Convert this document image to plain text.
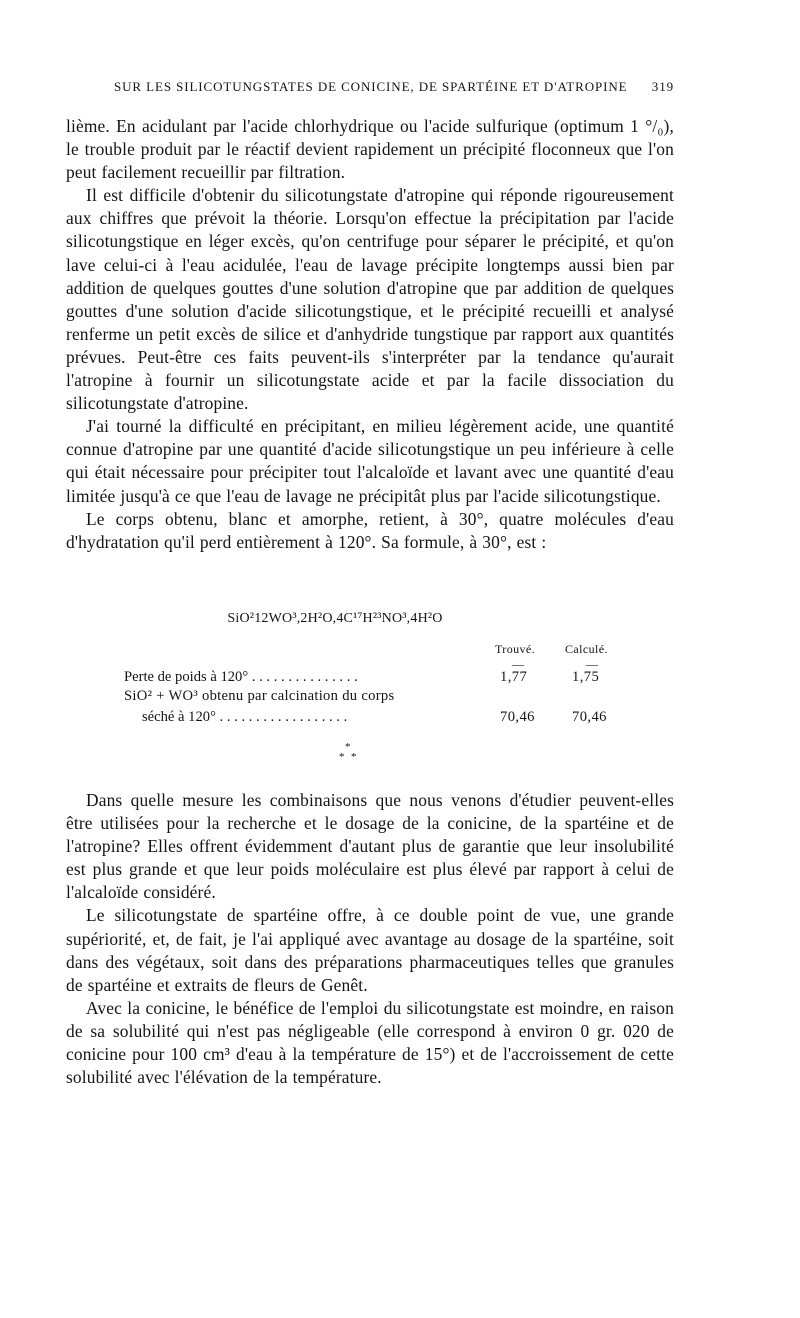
SUR LES SILICOTUNGSTATES DE CONICINE, DE SPARTÉINE ET D'ATROPINE 319

lième. En acidulant par l'acide chlorhydrique ou l'acide sulfurique (optimum 1 °/₀), le trouble produit par le réactif devient rapidement un précipité floconneux que l'on peut facilement recueillir par filtration.

Il est difficile d'obtenir du silicotungstate d'atropine qui réponde rigoureusement aux chiffres que prévoit la théorie. Lorsqu'on effectue la précipitation par l'acide silicotungstique en léger excès, qu'on centrifuge pour séparer le précipité, et qu'on lave celui-ci à l'eau acidulée, l'eau de lavage précipite longtemps aussi bien par addition de quelques gouttes d'une solution d'atropine que par addition de quelques gouttes d'une solution d'acide silicotungstique, et le précipité recueilli et analysé renferme un petit excès de silice et d'anhydride tungstique par rapport aux quantités prévues. Peut-être ces faits peuvent-ils s'interpréter par la tendance qu'aurait l'atropine à fournir un silicotungstate acide et par la facile dissociation du silicotungstate d'atropine.

J'ai tourné la difficulté en précipitant, en milieu légèrement acide, une quantité connue d'atropine par une quantité d'acide silicotungstique un peu inférieure à celle qui était nécessaire pour précipiter tout l'alcaloïde et lavant avec une quantité d'eau limitée jusqu'à ce que l'eau de lavage ne précipitât plus par l'acide silicotungstique.

Le corps obtenu, blanc et amorphe, retient, à 30°, quatre molécules d'eau d'hydratation qu'il perd entièrement à 120°. Sa formule, à 30°, est :

SiO²12WO³,2H²O,4C¹⁷H²³NO³,4H²O
Trouvé. Calculé.
—	—
Perte de poids à 120° . . . . . . . . . . . . . . .	1,77	1,75
SiO² + WO³ obtenu par calcination du corps
séché à 120° . . . . . . . . . . . . . . . . . .	70,46	70,46
*
* *

Dans quelle mesure les combinaisons que nous venons d'étudier peuvent-elles être utilisées pour la recherche et le dosage de la conicine, de la spartéine et de l'atropine? Elles offrent évidemment d'autant plus de garantie que leur insolubilité est plus grande et que leur poids moléculaire est plus élevé par rapport à celui de l'alcaloïde considéré.

Le silicotungstate de spartéine offre, à ce double point de vue, une grande supériorité, et, de fait, je l'ai appliqué avec avantage au dosage de la spartéine, soit dans des végétaux, soit dans des préparations pharmaceutiques telles que granules de spartéine et extraits de fleurs de Genêt.

Avec la conicine, le bénéfice de l'emploi du silicotungstate est moindre, en raison de sa solubilité qui n'est pas négligeable (elle correspond à environ 0 gr. 020 de conicine pour 100 cm³ d'eau à la température de 15°) et de l'accroissement de cette solubilité avec l'élévation de la température.
